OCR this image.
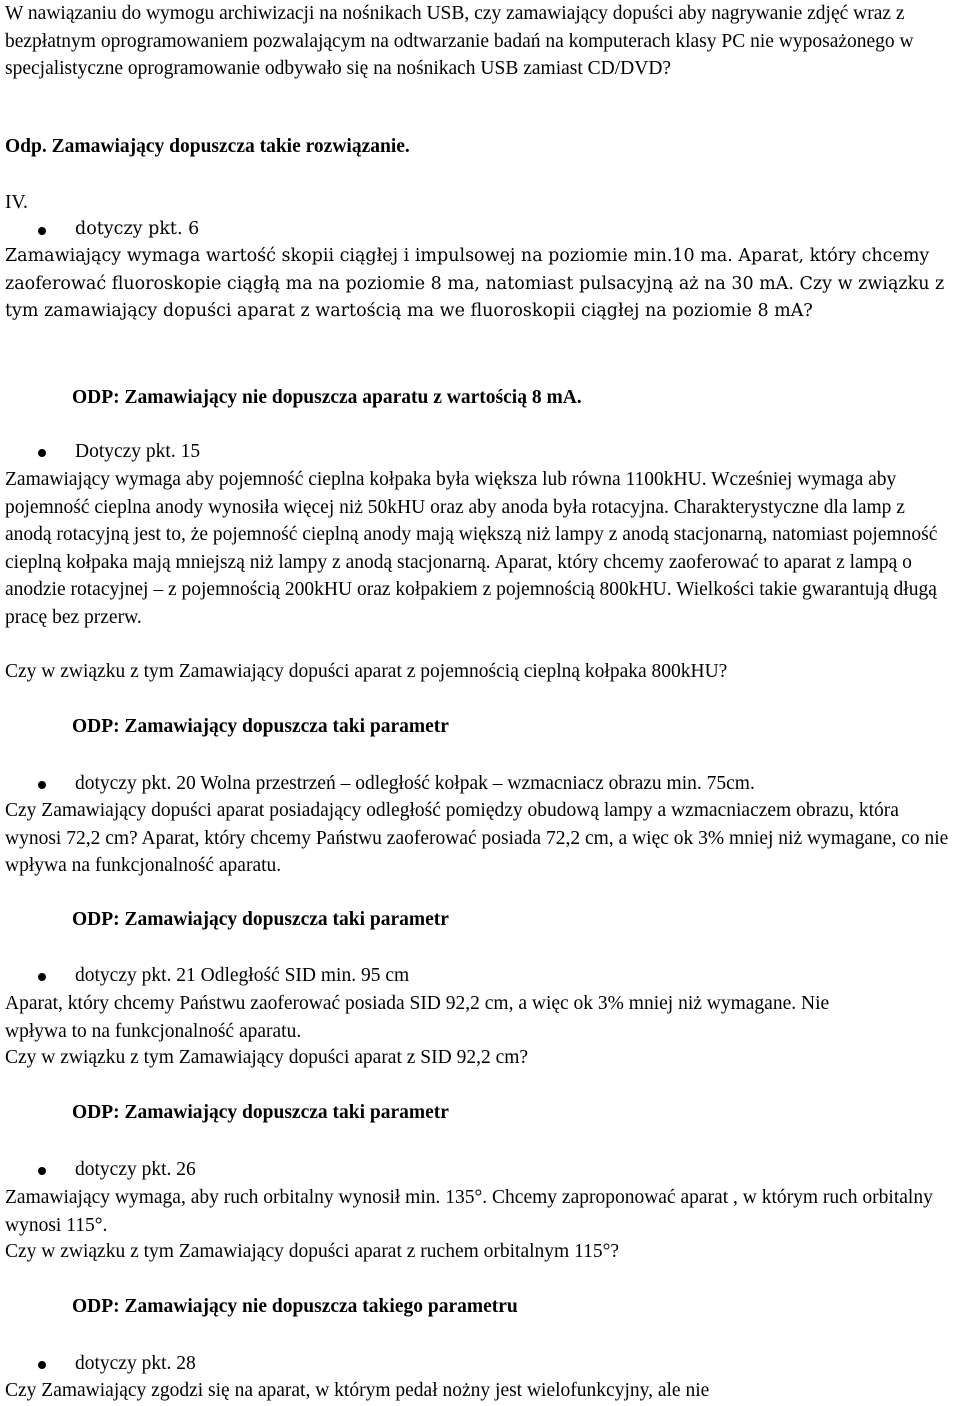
W nawiązaniu do wymogu archiwizacji na nośnikach USB, czy zamawiający dopuści aby nagrywanie zdjęć wraz z bezpłatnym oprogramowaniem pozwalającym na odtwarzanie badań na komputerach klasy PC nie wyposażonego w specjalistyczne oprogramowanie odbywało się na nośnikach USB zamiast CD/DVD?

Odp. Zamawiający dopuszcza takie rozwiązanie.

IV.

dotyczy pkt. 6

Zamawiający wymaga wartość skopii ciągłej i impulsowej na poziomie min.10 ma. Aparat, który chcemy zaoferować fluoroskopie ciągłą ma na poziomie 8 ma, natomiast pulsacyjną aż na 30 mA. Czy w związku z tym zamawiający dopuści aparat z wartością ma we fluoroskopii ciągłej na poziomie 8 mA?

ODP: Zamawiający nie dopuszcza aparatu z wartością 8 mA.

Dotyczy pkt. 15

Zamawiający wymaga aby pojemność cieplna kołpaka była większa lub równa 1100kHU. Wcześniej wymaga aby pojemność cieplna anody wynosiła więcej niż 50kHU oraz aby anoda była rotacyjna. Charakterystyczne dla lamp z anodą rotacyjną jest to, że pojemność cieplną anody mają większą niż lampy z anodą stacjonarną, natomiast pojemność cieplną kołpaka mają mniejszą niż lampy z anodą stacjonarną. Aparat, który chcemy zaoferować to aparat z lampą o anodzie rotacyjnej – z pojemnością 200kHU oraz kołpakiem z pojemnością 800kHU. Wielkości takie gwarantują długą pracę bez przerw.

Czy w związku z tym Zamawiający dopuści aparat z pojemnością cieplną kołpaka 800kHU?

ODP: Zamawiający dopuszcza taki parametr

dotyczy pkt. 20 Wolna przestrzeń – odległość kołpak – wzmacniacz obrazu min. 75cm.

Czy Zamawiający dopuści aparat posiadający odległość pomiędzy obudową lampy a wzmacniaczem obrazu, która wynosi 72,2 cm? Aparat, który chcemy Państwu zaoferować posiada 72,2 cm, a więc ok 3% mniej niż wymagane, co nie wpływa na funkcjonalność aparatu.

ODP: Zamawiający dopuszcza taki parametr

dotyczy pkt. 21 Odległość SID min. 95 cm

Aparat, który chcemy Państwu zaoferować posiada SID 92,2 cm, a więc ok 3% mniej niż wymagane. Nie wpływa to na funkcjonalność aparatu.

Czy w związku z tym Zamawiający dopuści aparat z SID 92,2 cm?

ODP: Zamawiający dopuszcza taki parametr

dotyczy pkt. 26

Zamawiający wymaga, aby ruch orbitalny wynosił min. 135°. Chcemy zaproponować aparat , w którym ruch orbitalny wynosi 115°.

Czy w związku z tym Zamawiający dopuści aparat z ruchem orbitalnym 115°?

ODP: Zamawiający nie dopuszcza takiego parametru

dotyczy pkt. 28

Czy Zamawiający zgodzi się na aparat, w którym pedał nożny jest wielofunkcyjny, ale nie
